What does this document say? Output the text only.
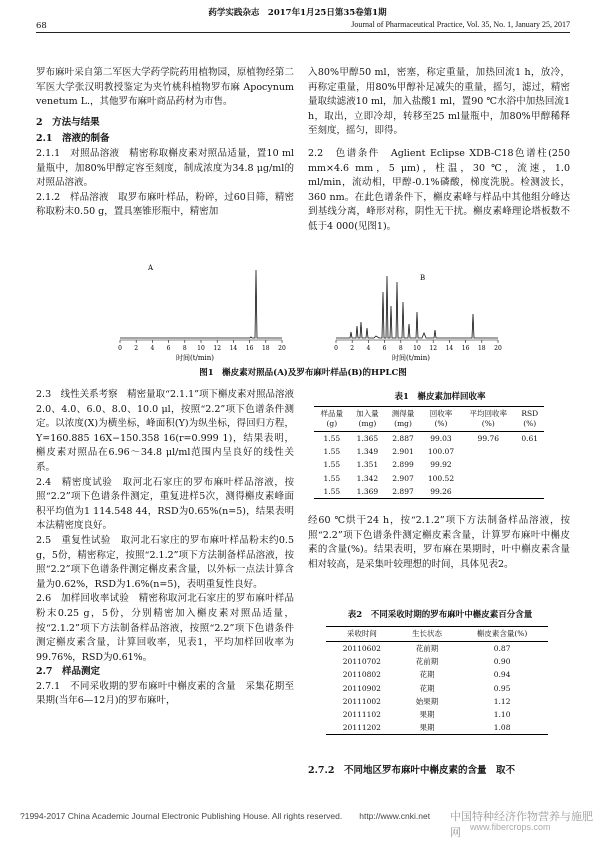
药学实践杂志　2017年1月25日第35卷第1期
68	Journal of Pharmaceutical Practice, Vol. 35, No. 1, January 25, 2017

罗布麻叶采自第二军医大学药学院药用植物园，原植物经第二军医大学张汉明教授鉴定为夹竹桃科植物罗布麻 Apocynum venetum L.，其他罗布麻叶商品药材为市售。

2　方法与结果

2.1　溶液的制备

2.1.1　对照品溶液　精密称取槲皮素对照品适量，置10 ml量瓶中，加80%甲醇定容至刻度，制成浓度为34.8 μg/ml的对照品溶液。

2.1.2　样品溶液　取罗布麻叶样品，粉碎，过60目筛，精密称取粉末0.50 g，置具塞锥形瓶中，精密加

入80%甲醇50 ml，密塞，称定重量，加热回流1 h，放冷，再称定重量，用80%甲醇补足减失的重量，摇匀，滤过，精密量取续滤液10 ml，加入盐酸1 ml，置90 ℃水浴中加热回流1 h，取出，立即冷却，转移至25 ml量瓶中，加80%甲醇稀释至刻度，摇匀，即得。

2.2　色谱条件　Aglient Eclipse XDB-C18色谱柱(250 mm×4.6 mm，5 μm)，柱温，30 ℃，流速，1.0 ml/min，流动相，甲醇-0.1%磷酸，梯度洗脱。检测波长，360 nm。在此色谱条件下，槲皮素峰与样品中其他组分峰达到基线分离，峰形对称，阴性无干扰。槲皮素峰理论塔板数不低于4 000(见图1)。

A
0 2 4 6 8 10 12 14 16 18 20
时间(t/min)
B
0 2 4 6 8 10 12 14 16 18 20
时间(t/min)
图1　槲皮素对照品(A)及罗布麻叶样品(B)的HPLC图

2.3　线性关系考察　精密量取“2.1.1”项下槲皮素对照品溶液2.0、4.0、6.0、8.0、10.0 μl，按照“2.2”项下色谱条件测定。以浓度(X)为横坐标，峰面积(Y)为纵坐标，得回归方程，Y=160.885 16X−150.358 16(r=0.999 1)，结果表明，槲皮素对照品在6.96～34.8 μl/ml范围内呈良好的线性关系。

2.4　精密度试验　取河北石家庄的罗布麻叶样品溶液，按照“2.2”项下色谱条件测定，重复进样5次，测得槲皮素峰面积平均值为1 114.548 44，RSD为0.65%(n=5)，结果表明本法精密度良好。

2.5　重复性试验　取河北石家庄的罗布麻叶样品粉末约0.5 g，5份，精密称定，按照“2.1.2”项下方法制备样品溶液，按照“2.2”项下色谱条件测定槲皮素含量，以外标一点法计算含量为0.62%，RSD为1.6%(n=5)，表明重复性良好。

2.6　加样回收率试验　精密称取河北石家庄的罗布麻叶样品粉末0.25 g，5份，分别精密加入槲皮素对照品适量，按“2.1.2”项下方法制备样品溶液，按照“2.2”项下色谱条件测定槲皮素含量，计算回收率，见表1，平均加样回收率为99.76%，RSD为0.61%。

2.7　样品测定

2.7.1　不同采收期的罗布麻叶中槲皮素的含量　采集花期至果期(当年6—12月)的罗布麻叶，

表1　槲皮素加样回收率
样品量
(g)	加入量
(mg)	测得量
(mg)	回收率
(%)	平均回收率
(%)	RSD
(%)
1.55	1.365	2.887	99.03	99.76	0.61
1.55	1.349	2.901	100.07		
1.55	1.351	2.899	99.92		
1.55	1.342	2.907	100.52		
1.55	1.369	2.897	99.26		

经60 ℃烘干24 h，按“2.1.2”项下方法制备样品溶液，按照“2.2”项下色谱条件测定槲皮素含量，计算罗布麻叶中槲皮素的含量(%)。结果表明，罗布麻在果期时，叶中槲皮素含量相对较高，是采集叶较理想的时间，具体见表2。

表2　不同采收时期的罗布麻叶中槲皮素百分含量
采收时间	生长状态	槲皮素含量(%)
20110602	花前期	0.87
20110702	花前期	0.90
20110802	花期	0.94
20110902	花期	0.95
20111002	始果期	1.12
20111102	果期	1.10
20111202	果期	1.08
2.7.2　不同地区罗布麻叶中槲皮素的含量　取不
?1994-2017 China Academic Journal Electronic Publishing House. All rights reserved.　　http://www.cnki.net 中国特种经济作物营养与施肥网	www.fibercrops.com
